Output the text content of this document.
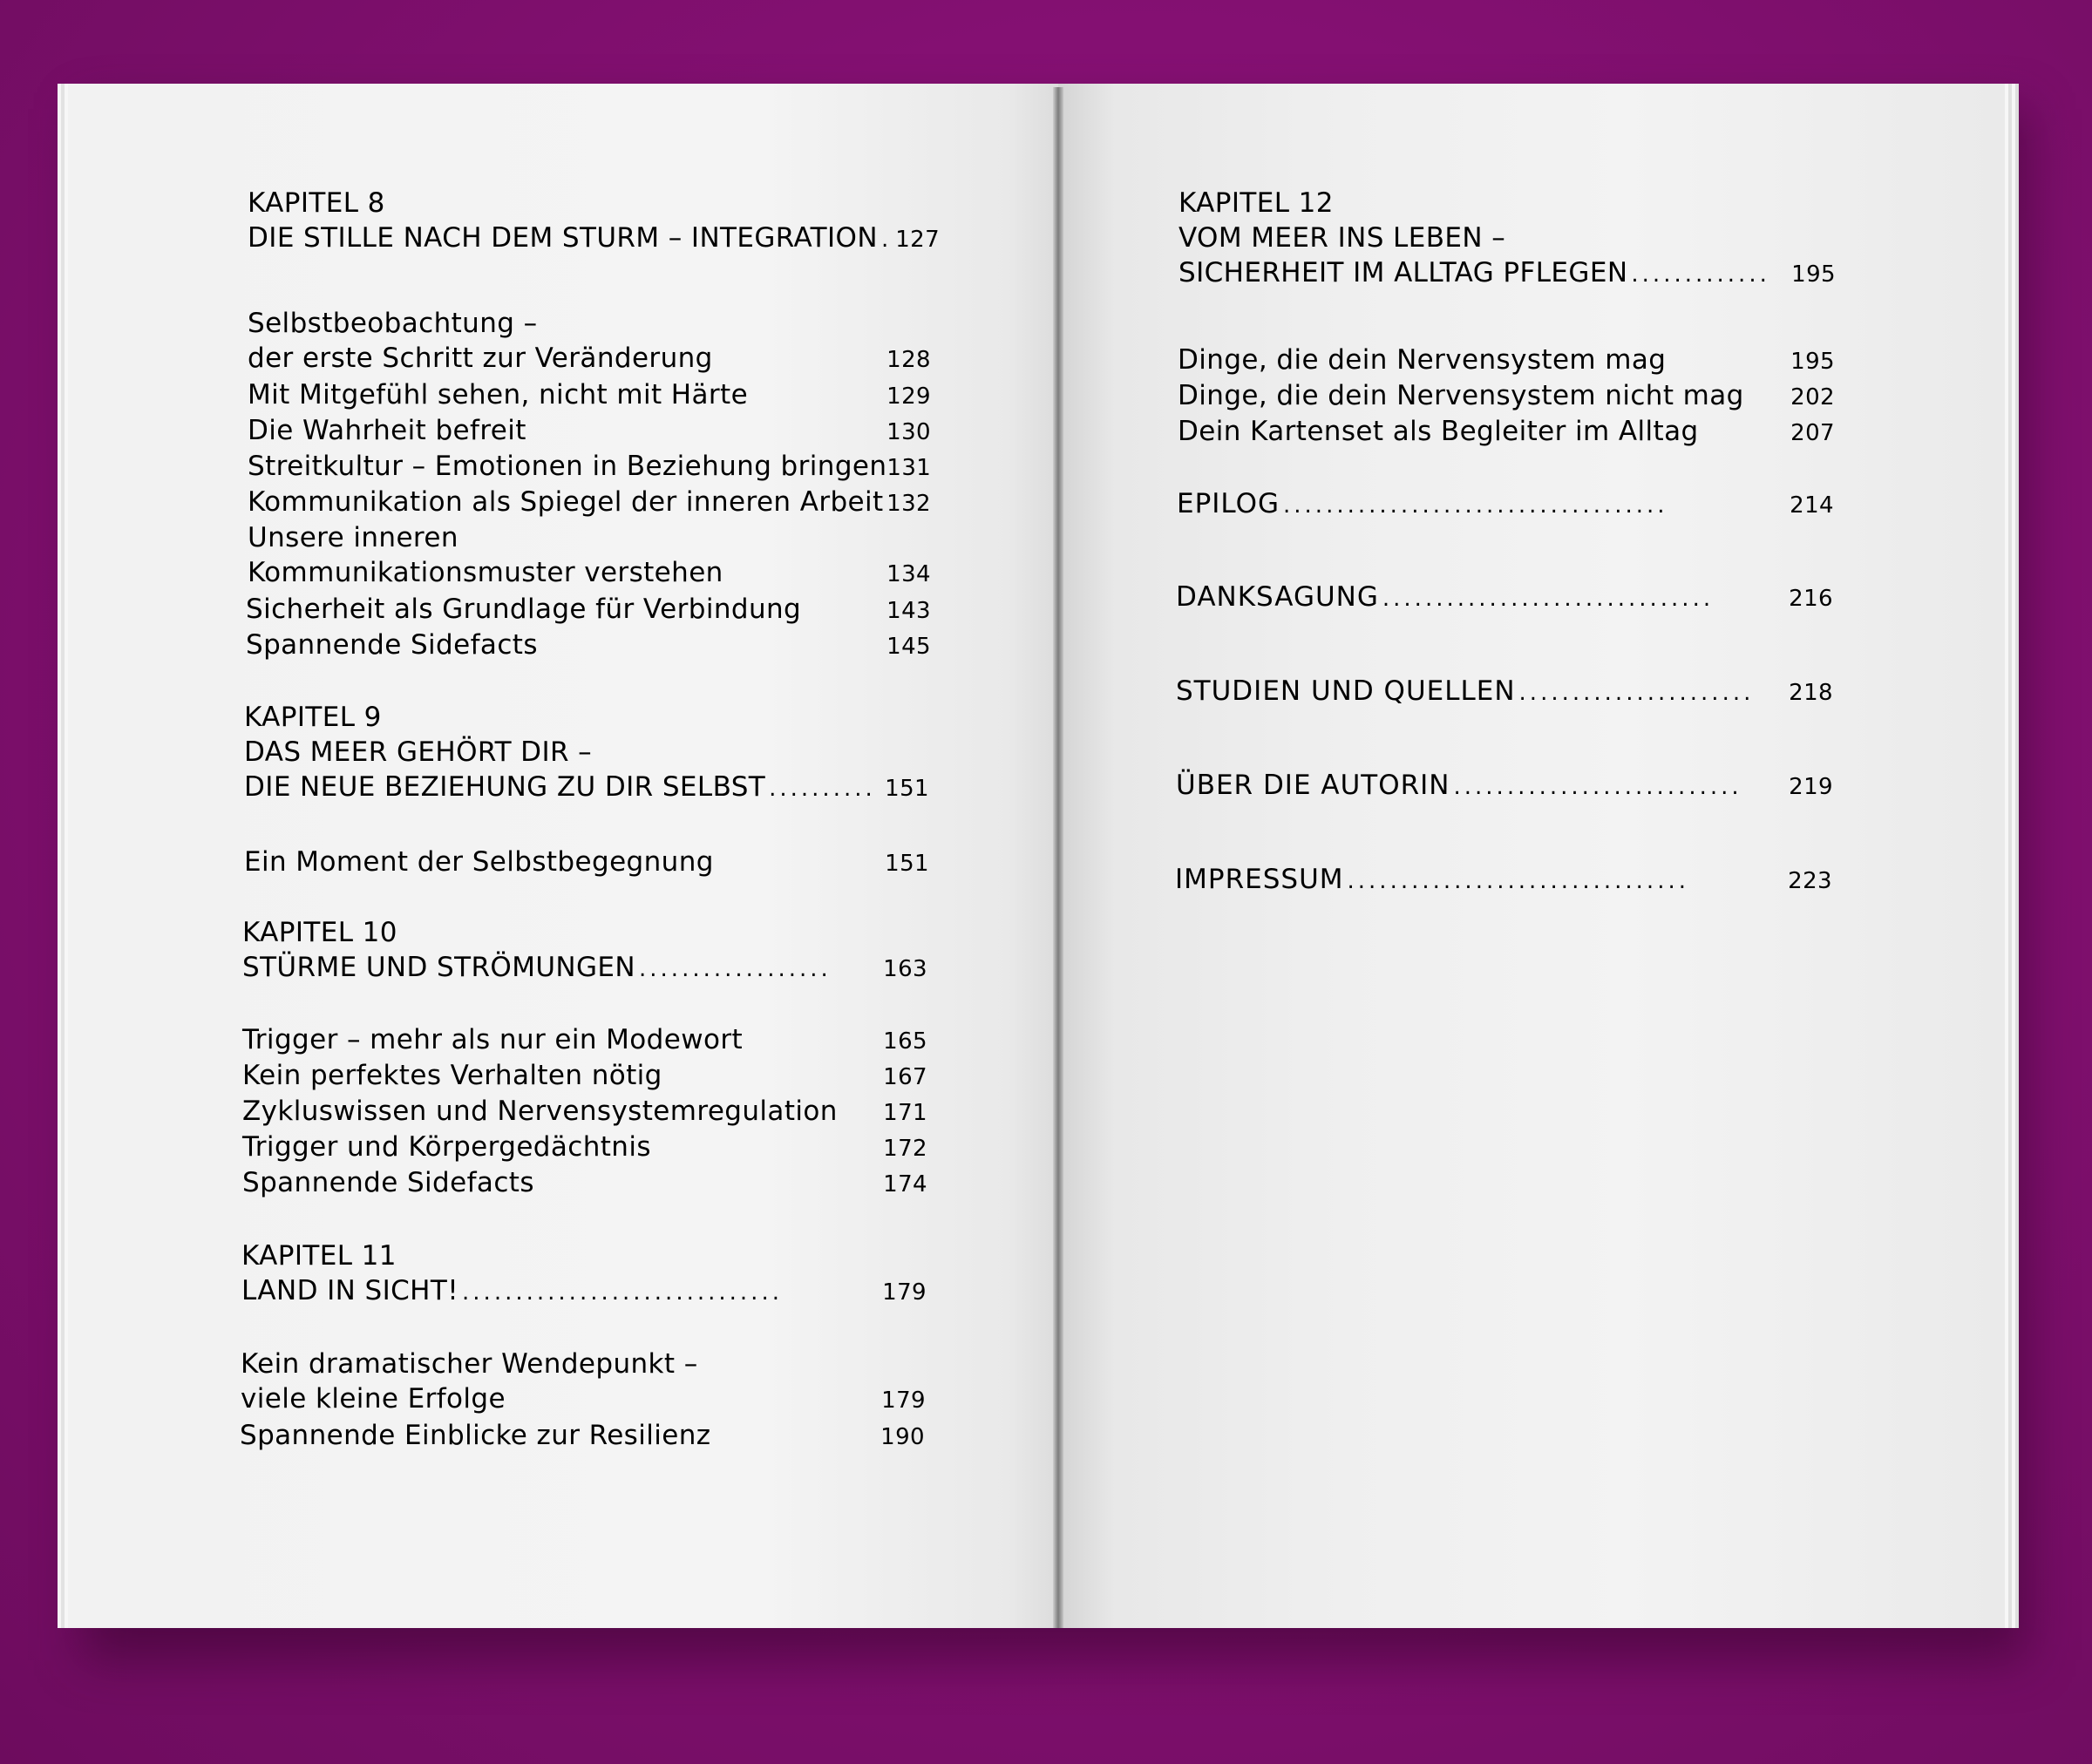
KAPITEL 8
DIE STILLE NACH DEM STURM – INTEGRATION . 127
Selbstbeobachtung –
der erste Schritt zur Veränderung	128
Mit Mitgefühl sehen, nicht mit Härte	129
Die Wahrheit befreit	130
Streitkultur – Emotionen in Beziehung bringen 131
Kommunikation als Spiegel der inneren Arbeit 132
Unsere inneren
Kommunikationsmuster verstehen	134
Sicherheit als Grundlage für Verbindung	143
Spannende Sidefacts	145
KAPITEL 9
DAS MEER GEHÖRT DIR –
DIE NEUE BEZIEHUNG ZU DIR SELBST .......... 151
Ein Moment der Selbstbegegnung	151
KAPITEL 10
STÜRME UND STRÖMUNGEN ..................	163
Trigger – mehr als nur ein Modewort	165
Kein perfektes Verhalten nötig	167
Zykluswissen und Nervensystemregulation 171
Trigger und Körpergedächtnis	172
Spannende Sidefacts	174
KAPITEL 11
LAND IN SICHT! ..............................	179
Kein dramatischer Wendepunkt –
viele kleine Erfolge	179
Spannende Einblicke zur Resilienz	190
KAPITEL 12
VOM MEER INS LEBEN –
SICHERHEIT IM ALLTAG PFLEGEN ............. 195
Dinge, die dein Nervensystem mag	195
Dinge, die dein Nervensystem nicht mag 202
Dein Kartenset als Begleiter im Alltag	207
EPILOG ....................................	214
DANKSAGUNG ...............................	216
STUDIEN UND QUELLEN ......................	218
ÜBER DIE AUTORIN ...........................	219
IMPRESSUM ................................	223
